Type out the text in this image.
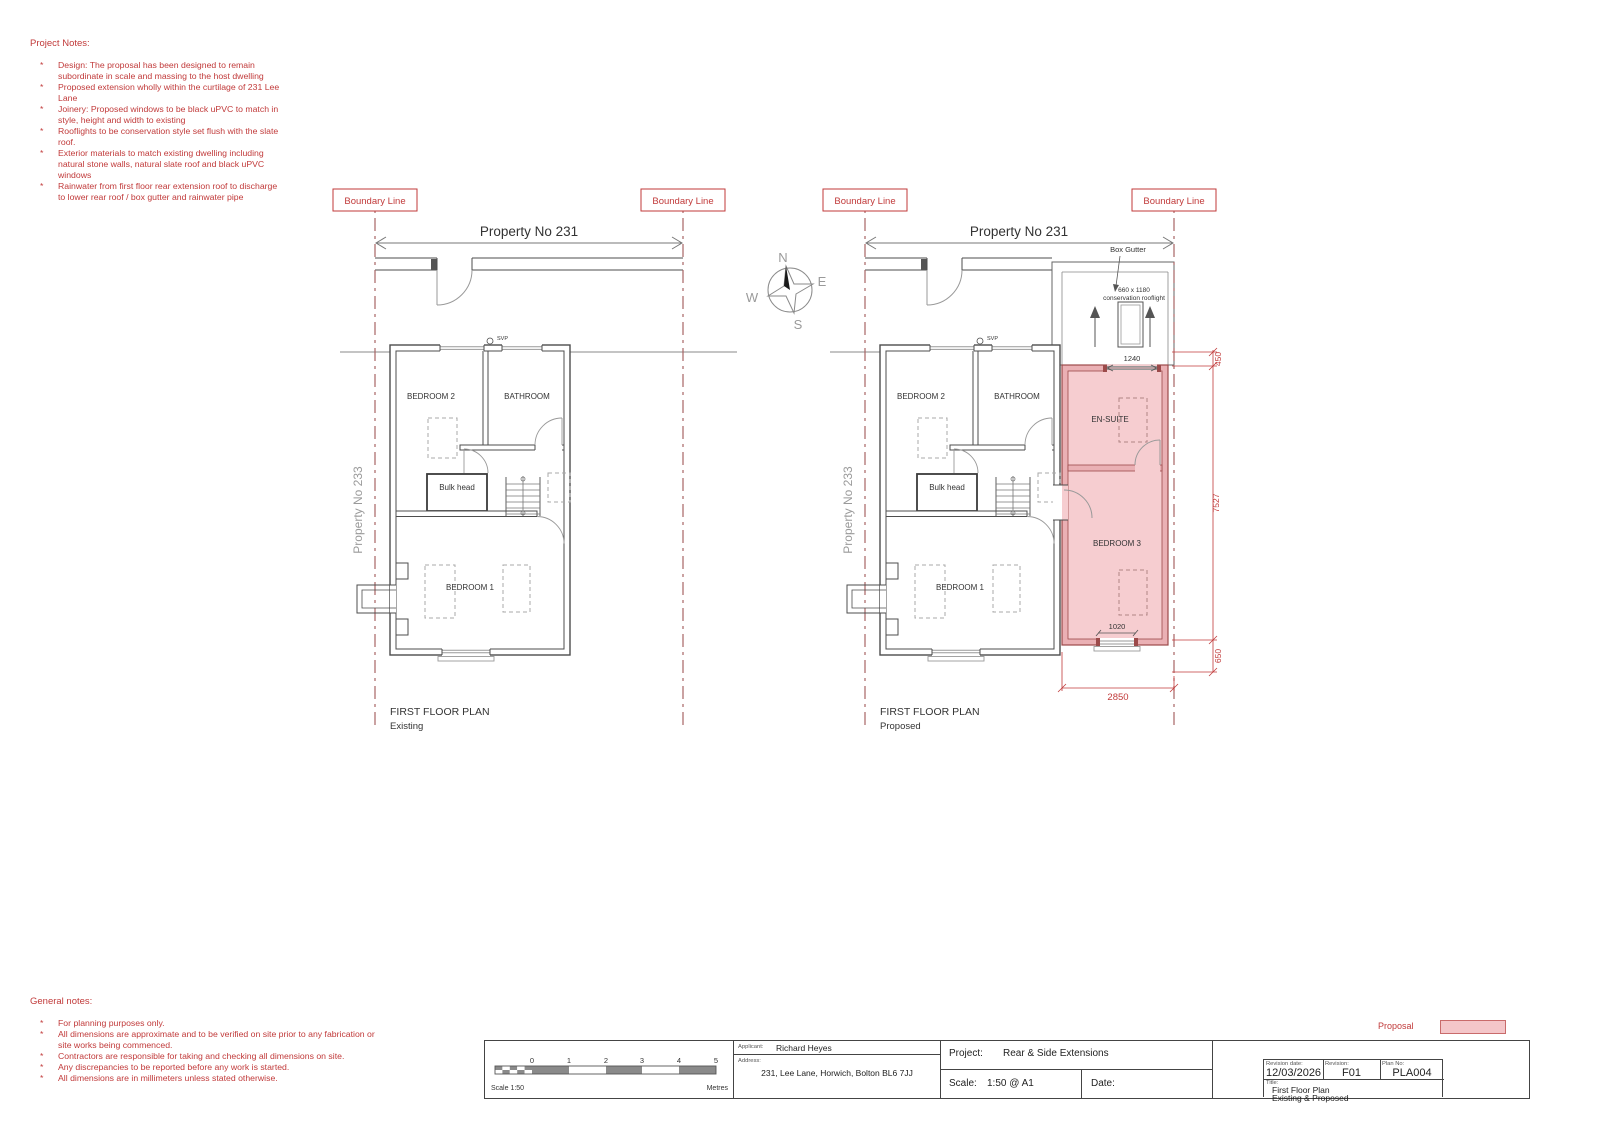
Project Notes:
* Design: The proposal has been designed to remain subordinate in scale and massing to the host dwelling
* Proposed extension wholly within the curtilage of 231 Lee Lane
* Joinery: Proposed windows to be black uPVC to match in style, height and width to existing
* Rooflights to be conservation style set flush with the slate roof.
* Exterior materials to match existing dwelling including natural stone walls, natural slate roof and black uPVC windows
* Rainwater from first floor rear extension roof to discharge to lower rear roof / box gutter and rainwater pipe
General notes:
* For planning purposes only.
* All dimensions are approximate and to be verified on site prior to any fabrication or site works being commenced.
* Contractors are responsible for taking and checking all dimensions on site.
* Any discrepancies to be reported before any work is started.
* All dimensions are in millimeters unless stated otherwise.
Boundary Line	Boundary Line
Property No 231
Property No 233
SVP
BEDROOM 2	BATHROOM
Bulk head
BEDROOM 1
FIRST FLOOR PLAN
Existing
Box Gutter
660 x 1180
conservation rooflight
Boundary Line	Boundary Line
Property No 231
Property No 233
SVP
EN-SUITE
BEDROOM 3
1240
1020
450
7527
650
2850
BEDROOM 2	BATHROOM
Bulk head
BEDROOM 1
FIRST FLOOR PLAN
Proposed
N
E
S
W
Proposal
0	1	2	3	4	5
Scale 1:50	Metres
Applicant: Richard Heyes
Address:
231, Lee Lane, Horwich, Bolton BL6 7JJ
Project: Rear & Side Extensions
Scale: 1:50 @ A1	Date:
Revision date:
12/03/2026
Revision:
F01
Plan No:
PLA004
Title:
First Floor Plan
Existing & Proposed
